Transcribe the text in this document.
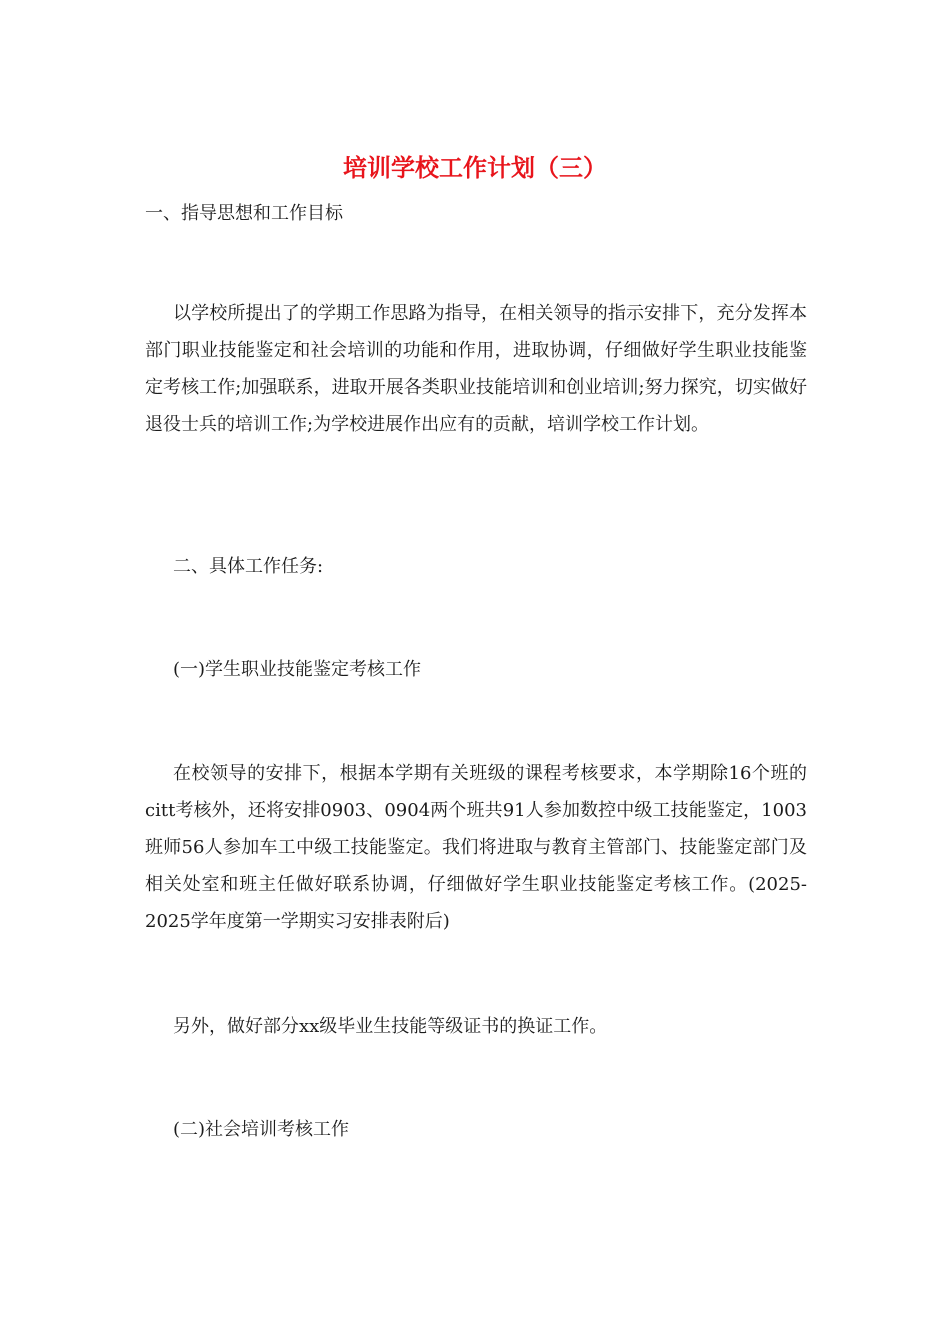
培训学校工作计划（三）

一、指导思想和工作目标

以学校所提出了的学期工作思路为指导，在相关领导的指示安排下，充分发挥本部门职业技能鉴定和社会培训的功能和作用，进取协调，仔细做好学生职业技能鉴定考核工作;加强联系，进取开展各类职业技能培训和创业培训;努力探究，切实做好退役士兵的培训工作;为学校进展作出应有的贡献，培训学校工作计划。

二、具体工作任务:

(一)学生职业技能鉴定考核工作

在校领导的安排下，根据本学期有关班级的课程考核要求，本学期除16个班的citt考核外，还将安排0903、0904两个班共91人参加数控中级工技能鉴定，1003班师56人参加车工中级工技能鉴定。我们将进取与教育主管部门、技能鉴定部门及相关处室和班主任做好联系协调，仔细做好学生职业技能鉴定考核工作。(2025-2025学年度第一学期实习安排表附后)

另外，做好部分xx级毕业生技能等级证书的换证工作。

(二)社会培训考核工作
